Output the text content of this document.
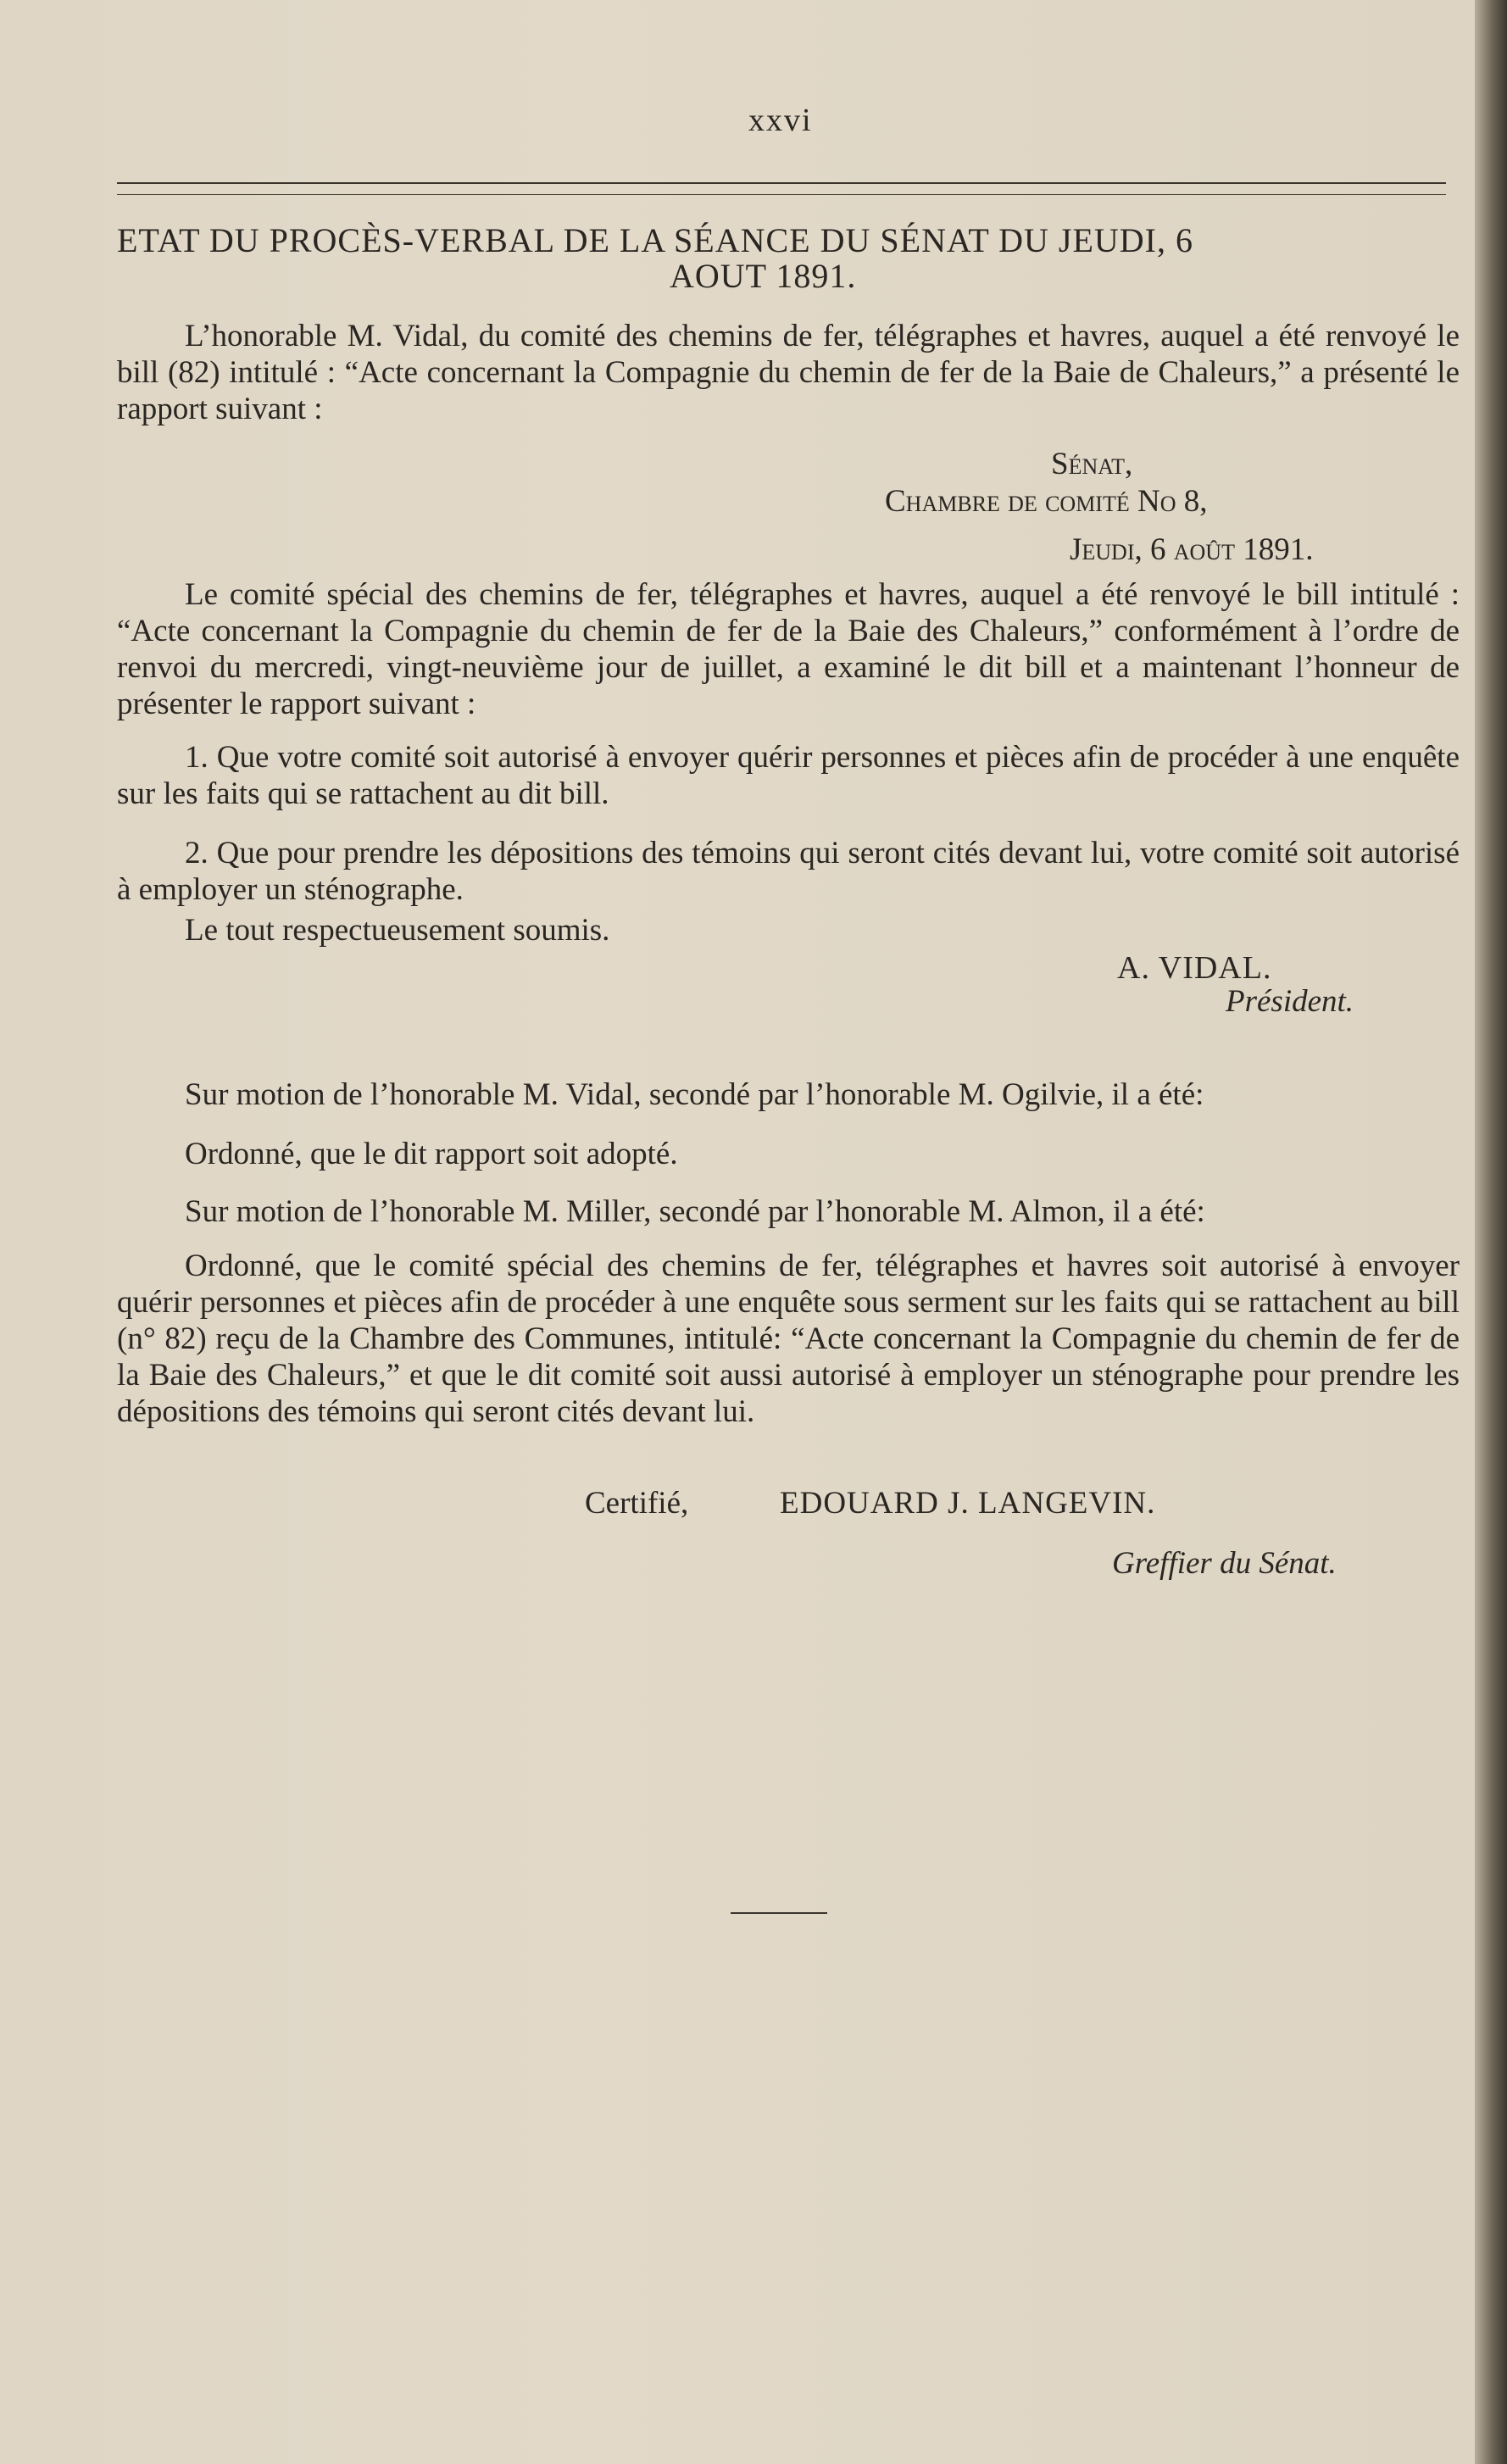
xxvi
ETAT DU PROCÈS-VERBAL DE LA SÉANCE DU SÉNAT DU JEUDI, 6
AOUT 1891.
L’honorable M. Vidal, du comité des chemins de fer, télégraphes et havres, auquel a été renvoyé le bill (82) intitulé : “Acte concernant la Compagnie du chemin de fer de la Baie de Chaleurs,” a présenté le rapport suivant :
Sénat,
Chambre de comité No 8,
Jeudi, 6 août 1891.
Le comité spécial des chemins de fer, télégraphes et havres, auquel a été renvoyé le bill intitulé : “Acte concernant la Compagnie du chemin de fer de la Baie des Chaleurs,” conformément à l’ordre de renvoi du mercredi, vingt-neuvième jour de juillet, a examiné le dit bill et a maintenant l’honneur de présenter le rapport suivant :
1. Que votre comité soit autorisé à envoyer quérir personnes et pièces afin de procéder à une enquête sur les faits qui se rattachent au dit bill.
2. Que pour prendre les dépositions des témoins qui seront cités devant lui, votre comité soit autorisé à employer un sténographe.
Le tout respectueusement soumis.
A. VIDAL.
Président.
Sur motion de l’honorable M. Vidal, secondé par l’honorable M. Ogilvie, il a été:
Ordonné, que le dit rapport soit adopté.
Sur motion de l’honorable M. Miller, secondé par l’honorable M. Almon, il a été:
Ordonné, que le comité spécial des chemins de fer, télégraphes et havres soit autorisé à envoyer quérir personnes et pièces afin de procéder à une enquête sous serment sur les faits qui se rattachent au bill (n° 82) reçu de la Chambre des Communes, intitulé: “Acte concernant la Compagnie du chemin de fer de la Baie des Chaleurs,” et que le dit comité soit aussi autorisé à employer un sténographe pour prendre les dépositions des témoins qui seront cités devant lui.
Certifié,	EDOUARD J. LANGEVIN.
Greffier du Sénat.
